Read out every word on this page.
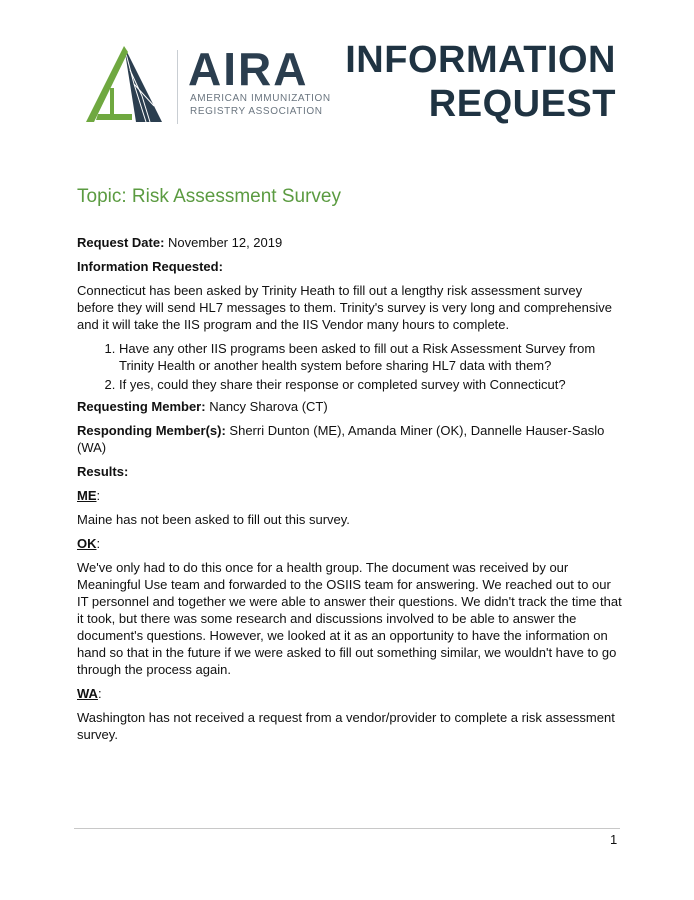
AIRA
AMERICAN IMMUNIZATION
REGISTRY ASSOCIATION
INFORMATION
REQUEST
Topic: Risk Assessment Survey

Request Date: November 12, 2019

Information Requested:

Connecticut has been asked by Trinity Heath to fill out a lengthy risk assessment survey before they will send HL7 messages to them. Trinity's survey is very long and comprehensive and it will take the IIS program and the IIS Vendor many hours to complete.

1. Have any other IIS programs been asked to fill out a Risk Assessment Survey from Trinity Health or another health system before sharing HL7 data with them?
2. If yes, could they share their response or completed survey with Connecticut?

Requesting Member: Nancy Sharova (CT)

Responding Member(s): Sherri Dunton (ME), Amanda Miner (OK), Dannelle Hauser-Saslo (WA)

Results:

ME:

Maine has not been asked to fill out this survey.

OK:

We've only had to do this once for a health group. The document was received by our Meaningful Use team and forwarded to the OSIIS team for answering. We reached out to our IT personnel and together we were able to answer their questions. We didn't track the time that it took, but there was some research and discussions involved to be able to answer the document's questions. However, we looked at it as an opportunity to have the information on hand so that in the future if we were asked to fill out something similar, we wouldn't have to go through the process again.

WA:

Washington has not received a request from a vendor/provider to complete a risk assessment survey.

1
